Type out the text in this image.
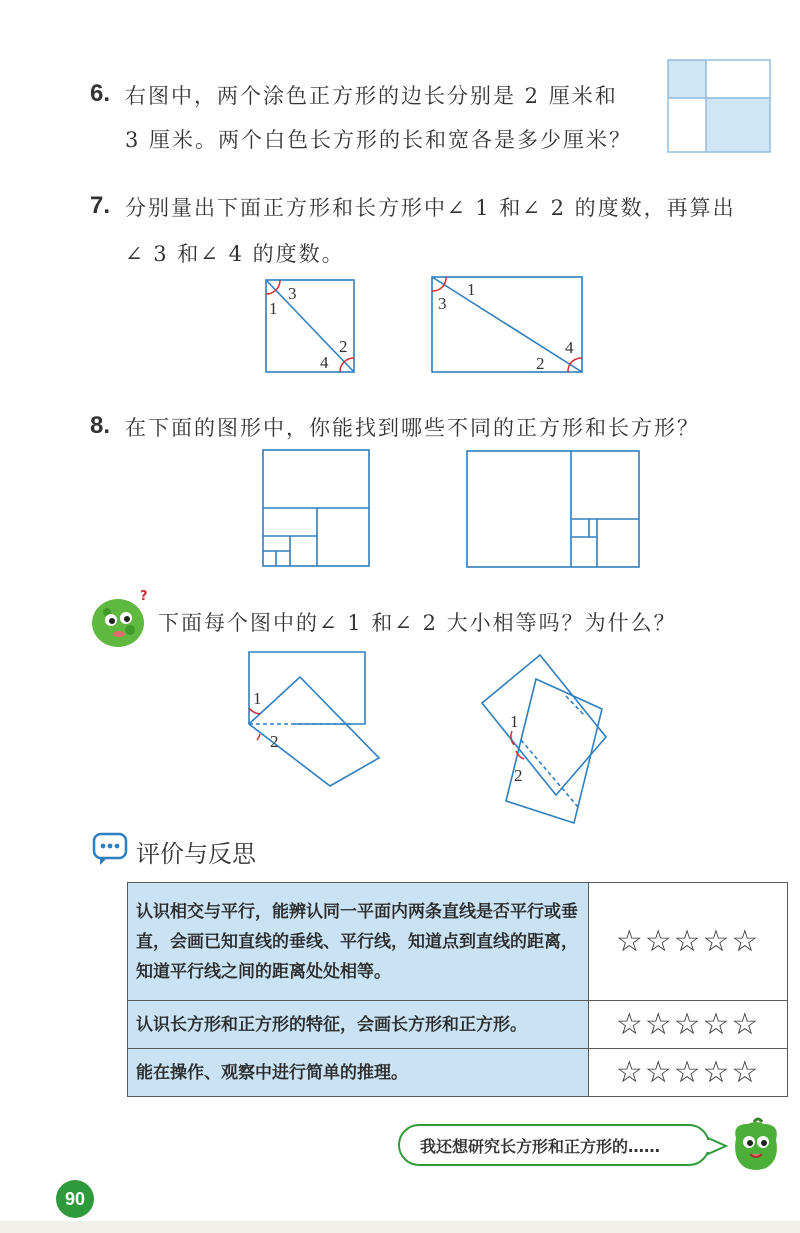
6. 右图中，两个涂色正方形的边长分别是 2 厘米和
3 厘米。两个白色长方形的长和宽各是多少厘米？
7. 分别量出下面正方形和长方形中∠ 1 和∠ 2 的度数，再算出
∠ 3 和∠ 4 的度数。
1
3
2
4
1
3
4
2
8. 在下面的图形中，你能找到哪些不同的正方形和长方形？
?
下面每个图中的∠ 1 和∠ 2 大小相等吗？为什么？
1
2
1
2
评价与反思
认识相交与平行，能辨认同一平面内两条直线是否平行或垂直，会画已知直线的垂线、平行线，知道点到直线的距离，知道平行线之间的距离处处相等。	☆☆☆☆☆
认识长方形和正方形的特征，会画长方形和正方形。	☆☆☆☆☆
能在操作、观察中进行简单的推理。	☆☆☆☆☆
我还想研究长方形和正方形的……
90
